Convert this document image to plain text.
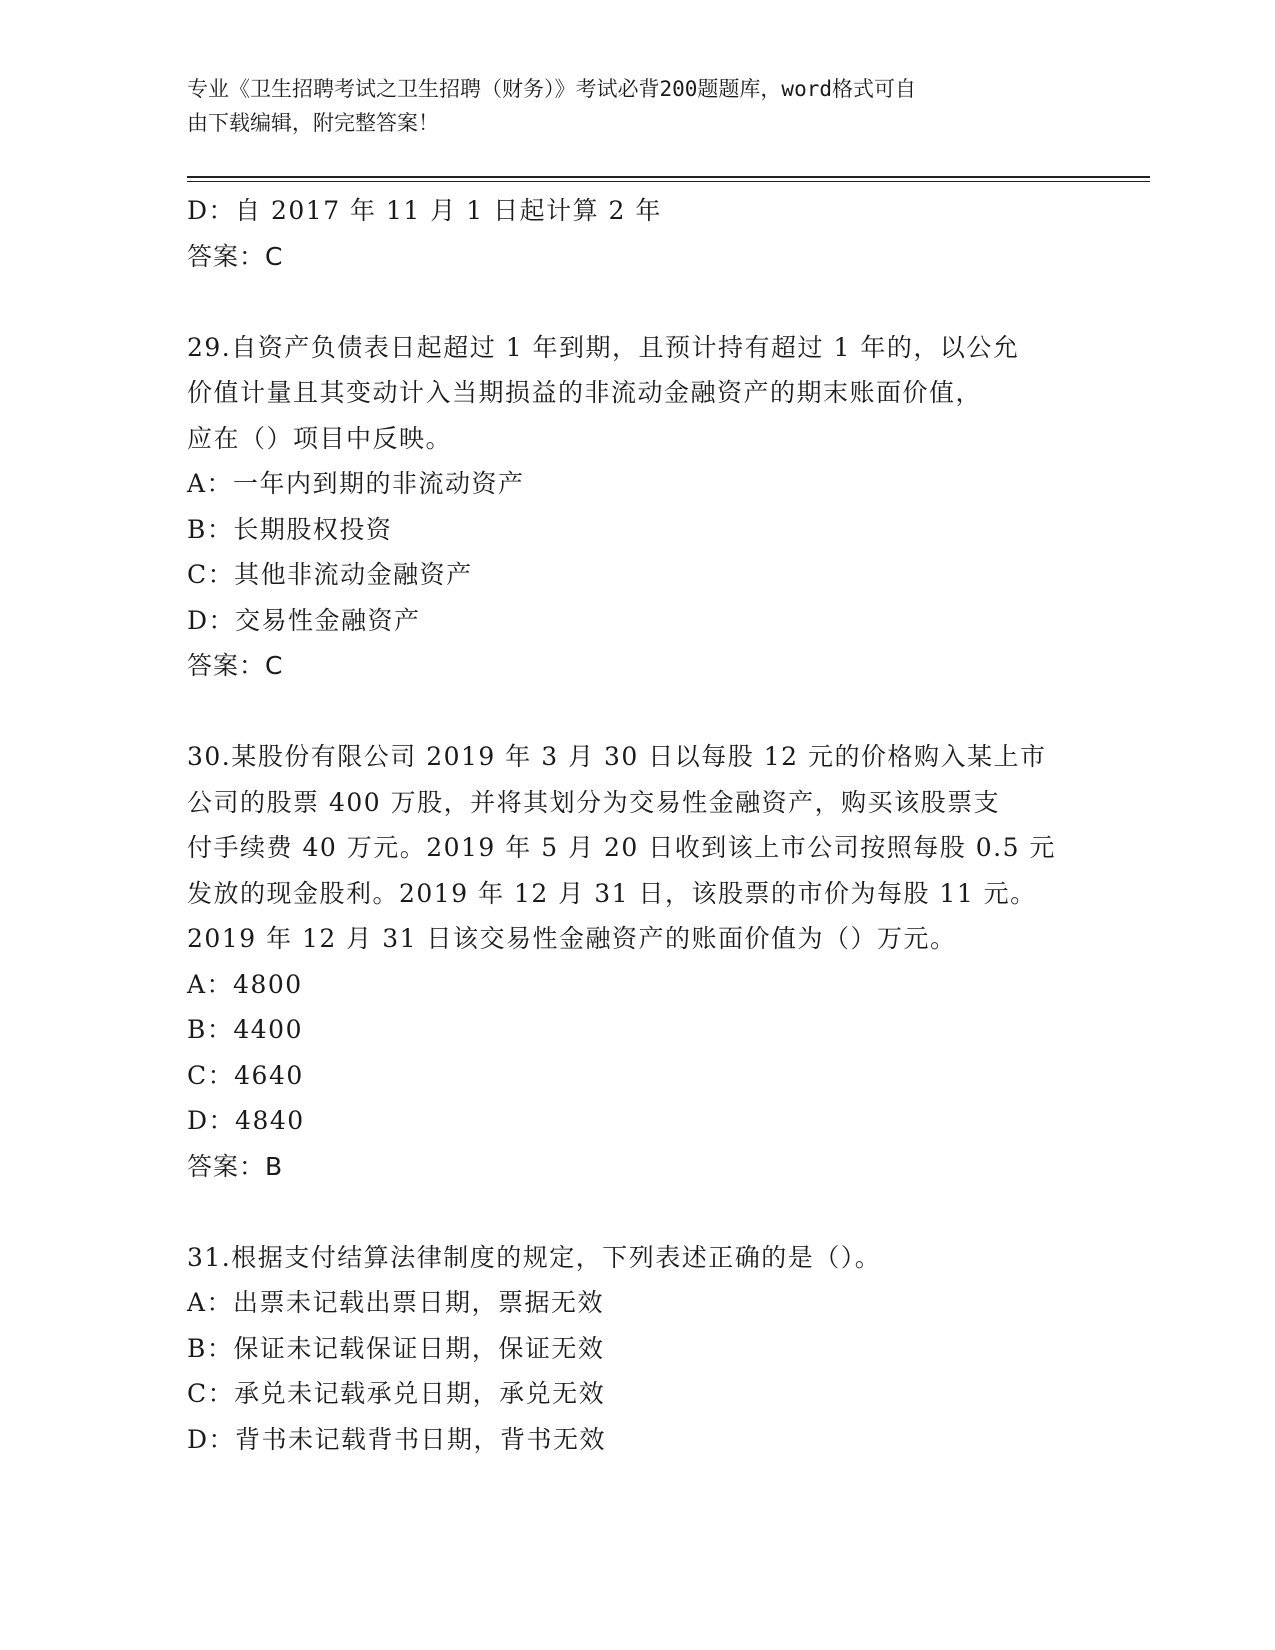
专业《卫生招聘考试之卫生招聘（财务）》考试必背200题题库，word格式可自
由下载编辑，附完整答案！
D：自 2017 年 11 月 1 日起计算 2 年
答案：C
29.自资产负债表日起超过 1 年到期，且预计持有超过 1 年的，以公允
价值计量且其变动计入当期损益的非流动金融资产的期末账面价值，
应在（）项目中反映。
A：一年内到期的非流动资产
B：长期股权投资
C：其他非流动金融资产
D：交易性金融资产
答案：C
30.某股份有限公司 2019 年 3 月 30 日以每股 12 元的价格购入某上市
公司的股票 400 万股，并将其划分为交易性金融资产，购买该股票支
付手续费 40 万元。2019 年 5 月 20 日收到该上市公司按照每股 0.5 元
发放的现金股利。2019 年 12 月 31 日，该股票的市价为每股 11 元。
2019 年 12 月 31 日该交易性金融资产的账面价值为（）万元。
A：4800
B：4400
C：4640
D：4840
答案：B
31.根据支付结算法律制度的规定，下列表述正确的是（）。
A：出票未记载出票日期，票据无效
B：保证未记载保证日期，保证无效
C：承兑未记载承兑日期，承兑无效
D：背书未记载背书日期，背书无效
